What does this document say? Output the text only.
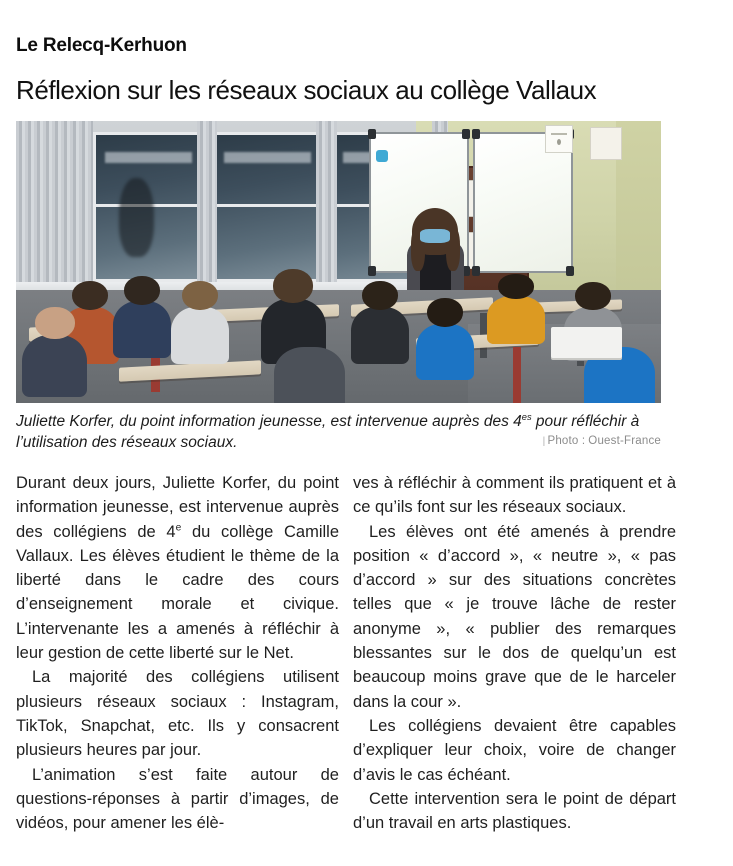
Le Relecq-Kerhuon
Réflexion sur les réseaux sociaux au collège Vallaux
Juliette Korfer, du point information jeunesse, est intervenue auprès des $4^{es}$ pour réfléchir à l’utilisation des réseaux sociaux.	| Photo : Ouest-France

Durant deux jours, Juliette Korfer, du point information jeunesse, est intervenue auprès des collégiens de 4e du collège Camille Vallaux. Les élèves étudient le thème de la liberté dans le cadre des cours d’enseignement morale et civique. L’intervenante les a amenés à réfléchir à leur gestion de cette liberté sur le Net.

La majorité des collégiens utilisent plusieurs réseaux sociaux : Instagram, TikTok, Snapchat, etc. Ils y consacrent plusieurs heures par jour.

L’animation s’est faite autour de questions-réponses à partir d’images, de vidéos, pour amener les élè-

ves à réfléchir à comment ils pratiquent et à ce qu’ils font sur les réseaux sociaux.

Les élèves ont été amenés à prendre position « d’accord », « neutre », « pas d’accord » sur des situations concrètes telles que « je trouve lâche de rester anonyme », « publier des remarques blessantes sur le dos de quelqu’un est beaucoup moins grave que de le harceler dans la cour ».

Les collégiens devaient être capables d’expliquer leur choix, voire de changer d’avis le cas échéant.

Cette intervention sera le point de départ d’un travail en arts plastiques.
